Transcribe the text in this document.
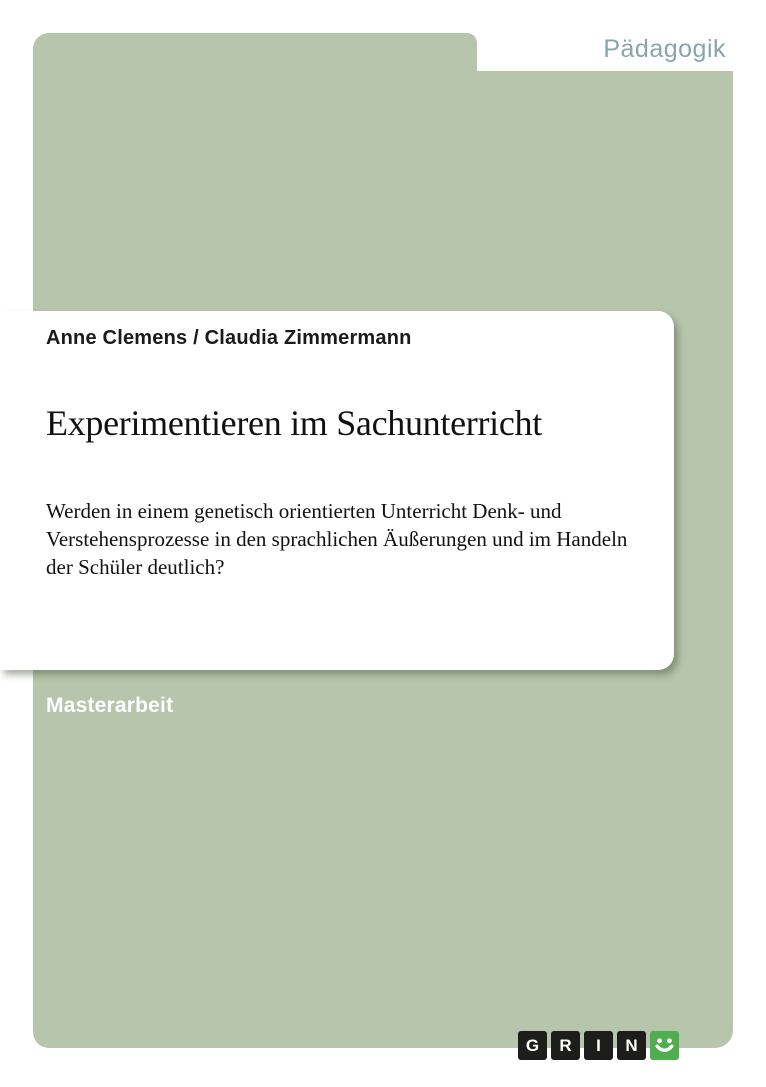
Pädagogik
Anne Clemens / Claudia Zimmermann
Experimentieren im Sachunterricht
Werden in einem genetisch orientierten Unterricht Denk- und
Verstehensprozesse in den sprachlichen Äußerungen und im Handeln
der Schüler deutlich?
Masterarbeit
G	R	I	N
